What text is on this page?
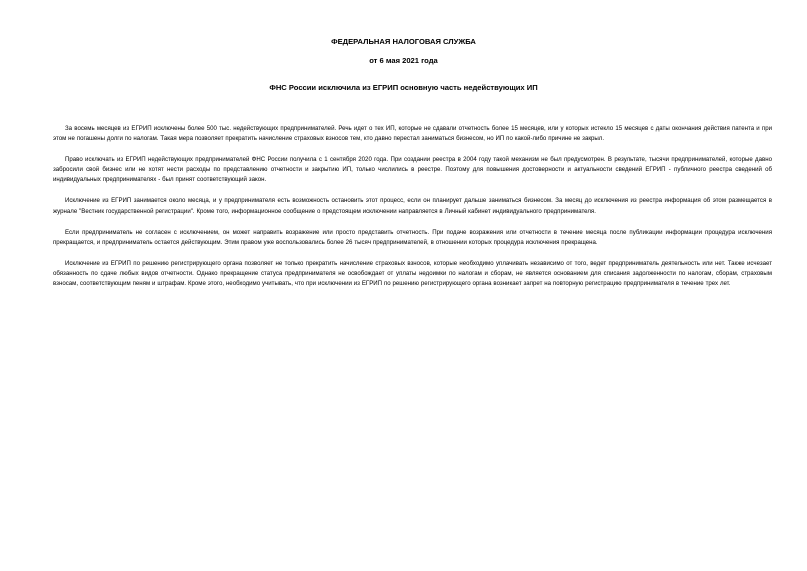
ФЕДЕРАЛЬНАЯ НАЛОГОВАЯ СЛУЖБА
от 6 мая 2021 года
ФНС России исключила из ЕГРИП основную часть недействующих ИП

За восемь месяцев из ЕГРИП исключены более 500 тыс. недействующих предпринимателей. Речь идет о тех ИП, которые не сдавали отчетность более 15 месяцев, или у которых истекло 15 месяцев с даты окончания действия патента и при этом не погашены долги по налогам. Такая мера позволяет прекратить начисление страховых взносов тем, кто давно перестал заниматься бизнесом, но ИП по какой-либо причине не закрыл.

Право исключать из ЕГРИП недействующих предпринимателей ФНС России получила с 1 сентября 2020 года. При создании реестра в 2004 году такой механизм не был предусмотрен. В результате, тысячи предпринимателей, которые давно забросили свой бизнес или не хотят нести расходы по представлению отчетности и закрытию ИП, только числились в реестре. Поэтому для повышения достоверности и актуальности сведений ЕГРИП - публичного реестра сведений об индивидуальных предпринимателях - был принят соответствующий закон.

Исключение из ЕГРИП занимается около месяца, и у предпринимателя есть возможность остановить этот процесс, если он планирует дальше заниматься бизнесом. За месяц до исключения из реестра информация об этом размещается в журнале "Вестник государственной регистрации". Кроме того, информационное сообщение о предстоящем исключении направляется в Личный кабинет индивидуального предпринимателя.

Если предприниматель не согласен с исключением, он может направить возражение или просто представить отчетность. При подаче возражения или отчетности в течение месяца после публикации информации процедура исключения прекращается, и предприниматель остается действующим. Этим правом уже воспользовались более 26 тысяч предпринимателей, в отношении которых процедура исключения прекращена.

Исключение из ЕГРИП по решению регистрирующего органа позволяет не только прекратить начисление страховых взносов, которые необходимо уплачивать независимо от того, ведет предприниматель деятельность или нет. Также исчезает обязанность по сдаче любых видов отчетности. Однако прекращение статуса предпринимателя не освобождает от уплаты недоимки по налогам и сборам, не является основанием для списания задолженности по налогам, сборам, страховым взносам, соответствующим пеням и штрафам. Кроме этого, необходимо учитывать, что при исключении из ЕГРИП по решению регистрирующего органа возникает запрет на повторную регистрацию предпринимателя в течение трех лет.
